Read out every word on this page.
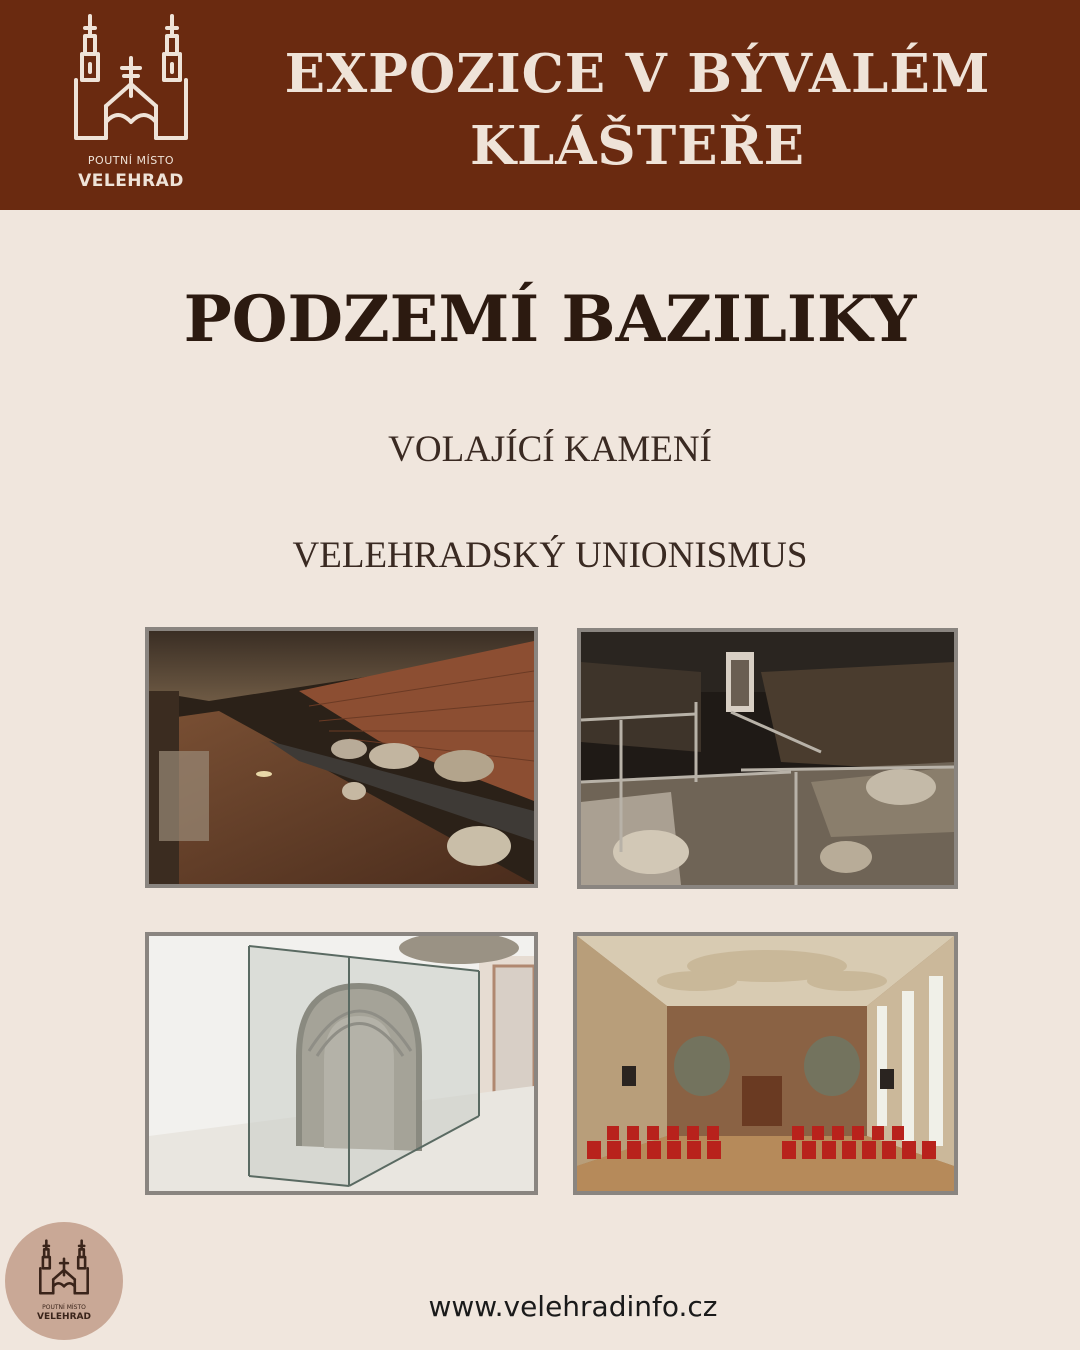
POUTNÍ MÍSTO
VELEHRAD
EXPOZICE V BÝVALÉM
KLÁŠTEŘE
PODZEMÍ BAZILIKY
VOLAJÍCÍ KAMENÍ
VELEHRADSKÝ UNIONISMUS
POUTNÍ MÍSTO
VELEHRAD	www.velehradinfo.cz
